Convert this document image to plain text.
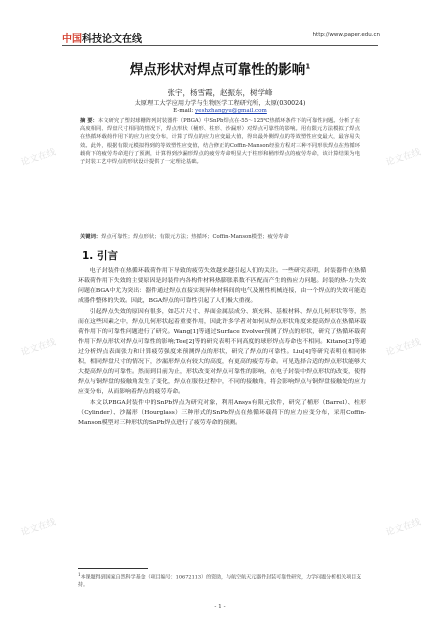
中国科技论文在线	http://www.paper.edu.cn
焊点形状对焊点可靠性的影响$^1$
张宇，杨雪霞，赵振东，树学峰
太原理工大学应用力学与生物医学工程研究所，太原(030024)
E-mail: yeshzhangyu@gmail.com
摘 要：本文研究了塑封球栅阵列封装器件（PBGA）中SnPb焊点在-55～125℃热循环条件下的可靠性问题。分析了在高度相同、焊盘尺寸相同的情况下，焊点形状（桶形、柱形、沙漏形）对焊点可靠性的影响。用有限元方法模拟了焊点在热循环载荷作用下的应力应变分布，计算了焊点的应力应变最大值，得出最外侧焊点的等效塑性应变最大，最容易失效。此外，根据有限元模拟得到的等效塑性应变值，结合修正的Coffin-Manson经验方程对三种不同形状焊点在热循环载荷下的疲劳寿命进行了预测，计算得到沙漏形焊点的疲劳寿命明显大于柱形和桶形焊点的疲劳寿命，该计算结果为电子封装工艺中焊点的形状设计提供了一定理论基础。
关键词：焊点可靠性；焊点形状；有限元方法；热循环；Coffin-Manson模型；疲劳寿命
1. 引言

电子封装件在热循环载荷作用下导致的疲劳失效越来越引起人们的关注。一些研究表明，封装器件在热循环载荷作用下失效的主要原因是封装件内各构件材料热膨胀系数不匹配而产生的热应力问题。封装的热-力失效问题在BGA中尤为突出：器件通过焊点直接实现异体材料间的电气及刚性机械连接，由一个焊点的失效可能造成器件整体的失效。因此，BGA焊点的可靠性引起了人们极大重视。

引起焊点失效的原因有很多，如芯片尺寸、界面金属层成分、填充料、基板材料、焊点几何形状等等，然而在这些因素之中，焊点几何形状起着重要作用，因此许多学者对如何从焊点形状角度来提高焊点在热循环载荷作用下的可靠性问题进行了研究。Wang[1]等通过Surface Evolver预测了焊点的形状，研究了热循环载荷作用下焊点形状对焊点可靠性的影响;Tee[2]等的研究表明不同高度的球形焊点寿命也不相同。Kitano[3]等通过分析焊点表面张力和计算疲劳强度来预测焊点的形状，研究了焊点的可靠性。Liu[4]等研究表明在相同体积，相同焊盘尺寸的情况下，沙漏形焊点有较大的高度，有更高的疲劳寿命。可见选择合适的焊点形状能够大大提高焊点的可靠性。然而到目前为止，形状改变对焊点可靠性的影响，在电子封装中焊点形状的改变，使得焊点与铜焊盘的接触角发生了变化，焊点在服役过程中，不同的接触角，将会影响焊点与铜焊盘接触处的应力应变分布，从而影响着焊点的疲劳寿命。

本文以PBGA封装件中的SnPb焊点为研究对象，利用Ansys有限元软件，研究了桶形（Barrel）、柱形（Cylinder）、沙漏形（Hourglass）三种形式的SnPb焊点在热循环载荷下的应力应变分布，采用Coffin-Manson模型对三种形状的SnPb焊点进行了疲劳寿命的预测。

$^1$本课题得到国家自然科学基金（项目编号：10672113）的资助，与航空航天元器件封装可靠性研究，力学问题分析相关项目支持。
- 1 -
论文在线	论文在线
论文在线	论文在线
论文在线	论文在线
